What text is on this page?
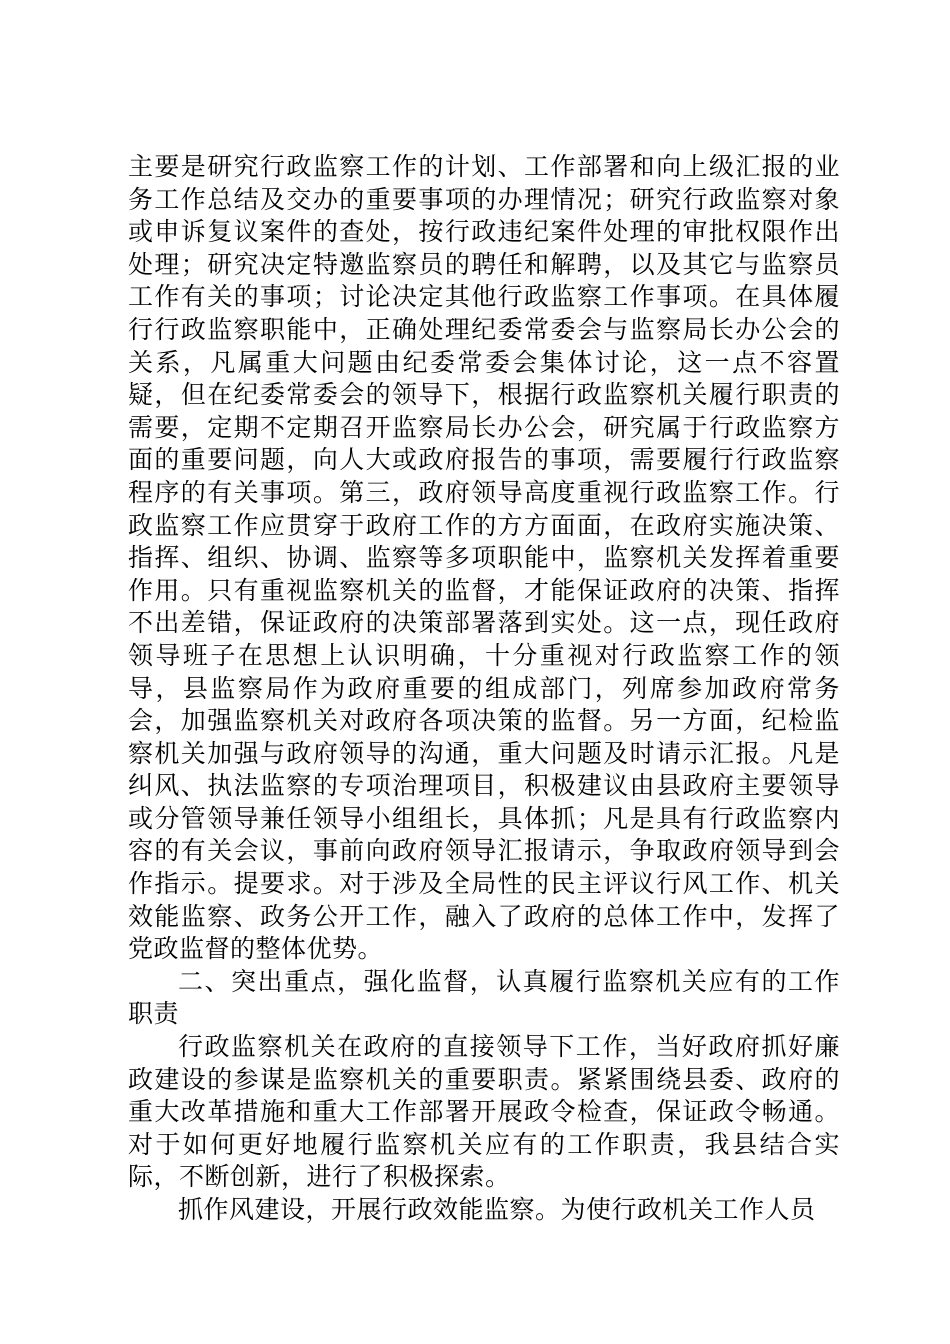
主要是研究行政监察工作的计划、工作部署和向上级汇报的业务工作总结及交办的重要事项的办理情况；研究行政监察对象或申诉复议案件的查处，按行政违纪案件处理的审批权限作出处理；研究决定特邀监察员的聘任和解聘，以及其它与监察员工作有关的事项；讨论决定其他行政监察工作事项。在具体履行行政监察职能中，正确处理纪委常委会与监察局长办公会的关系，凡属重大问题由纪委常委会集体讨论，这一点不容置疑，但在纪委常委会的领导下，根据行政监察机关履行职责的需要，定期不定期召开监察局长办公会，研究属于行政监察方面的重要问题，向人大或政府报告的事项，需要履行行政监察程序的有关事项。第三，政府领导高度重视行政监察工作。行政监察工作应贯穿于政府工作的方方面面，在政府实施决策、指挥、组织、协调、监察等多项职能中，监察机关发挥着重要作用。只有重视监察机关的监督，才能保证政府的决策、指挥不出差错，保证政府的决策部署落到实处。这一点，现任政府领导班子在思想上认识明确，十分重视对行政监察工作的领导，县监察局作为政府重要的组成部门，列席参加政府常务会，加强监察机关对政府各项决策的监督。另一方面，纪检监察机关加强与政府领导的沟通，重大问题及时请示汇报。凡是纠风、执法监察的专项治理项目，积极建议由县政府主要领导或分管领导兼任领导小组组长，具体抓；凡是具有行政监察内容的有关会议，事前向政府领导汇报请示，争取政府领导到会作指示。提要求。对于涉及全局性的民主评议行风工作、机关效能监察、政务公开工作，融入了政府的总体工作中，发挥了党政监督的整体优势。

二、突出重点，强化监督，认真履行监察机关应有的工作职责

行政监察机关在政府的直接领导下工作，当好政府抓好廉政建设的参谋是监察机关的重要职责。紧紧围绕县委、政府的重大改革措施和重大工作部署开展政令检查，保证政令畅通。对于如何更好地履行监察机关应有的工作职责，我县结合实际，不断创新，进行了积极探索。

抓作风建设，开展行政效能监察。为使行政机关工作人员
